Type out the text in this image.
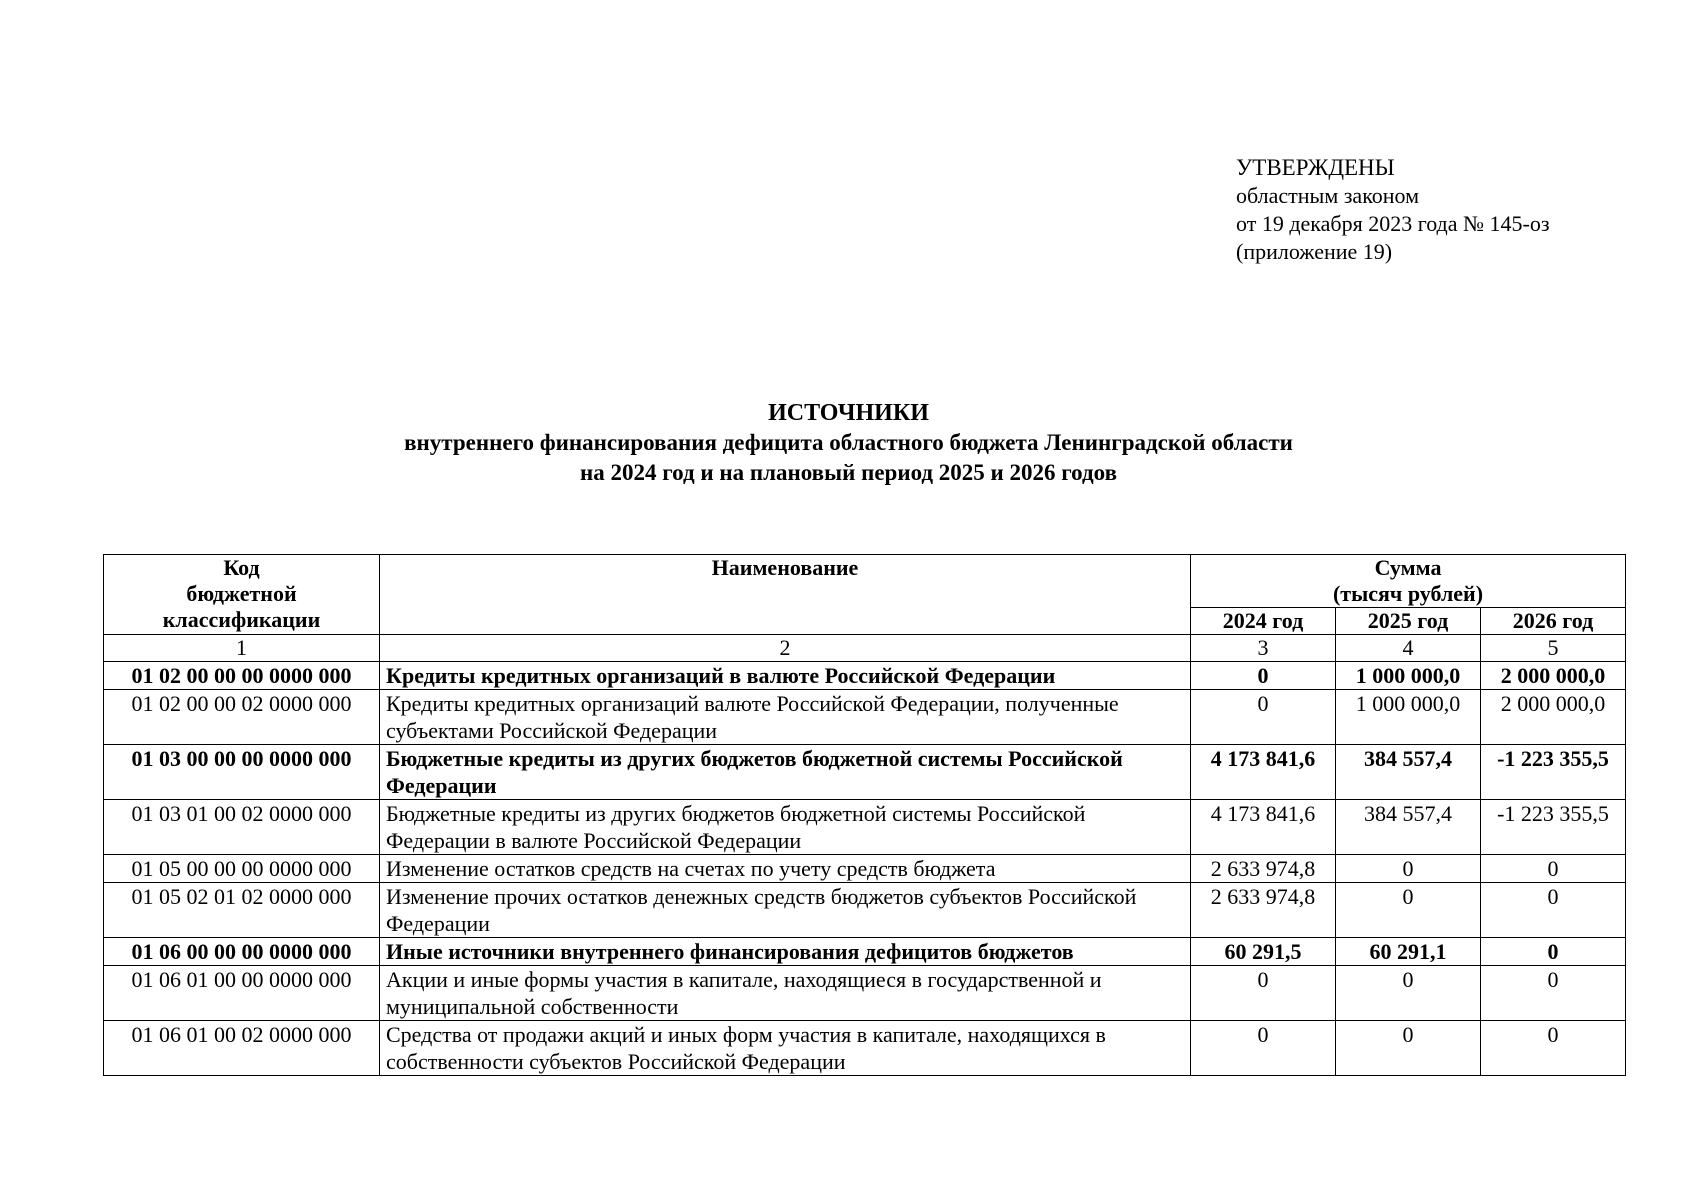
УТВЕРЖДЕНЫ
областным законом
от 19 декабря 2023 года № 145-оз
(приложение 19)
ИСТОЧНИКИ
внутреннего финансирования дефицита областного бюджета Ленинградской области
на 2024 год и на плановый период 2025 и 2026 годов
Код
бюджетной
классификации	Наименование	Сумма
(тысяч рублей)		

		2024 год	2025 год	2026 год
1	2	3	4	5
01 02 00 00 00 0000 000	Кредиты кредитных организаций в валюте Российской Федерации	0	1 000 000,0	2 000 000,0
01 02 00 00 02 0000 000	Кредиты кредитных организаций валюте Российской Федерации, полученные субъектами Российской Федерации	0	1 000 000,0	2 000 000,0
01 03 00 00 00 0000 000	Бюджетные кредиты из других бюджетов бюджетной системы Российской Федерации	4 173 841,6	384 557,4	-1 223 355,5
01 03 01 00 02 0000 000	Бюджетные кредиты из других бюджетов бюджетной системы Российской Федерации в валюте Российской Федерации	4 173 841,6	384 557,4	-1 223 355,5
01 05 00 00 00 0000 000	Изменение остатков средств на счетах по учету средств бюджета	2 633 974,8	0	0
01 05 02 01 02 0000 000	Изменение прочих остатков денежных средств бюджетов субъектов Российской Федерации	2 633 974,8	0	0
01 06 00 00 00 0000 000	Иные источники внутреннего финансирования дефицитов бюджетов	60 291,5	60 291,1	0
01 06 01 00 00 0000 000	Акции и иные формы участия в капитале, находящиеся в государственной и муниципальной собственности	0	0	0
01 06 01 00 02 0000 000	Средства от продажи акций и иных форм участия в капитале, находящихся в собственности субъектов Российской Федерации	0	0	0
